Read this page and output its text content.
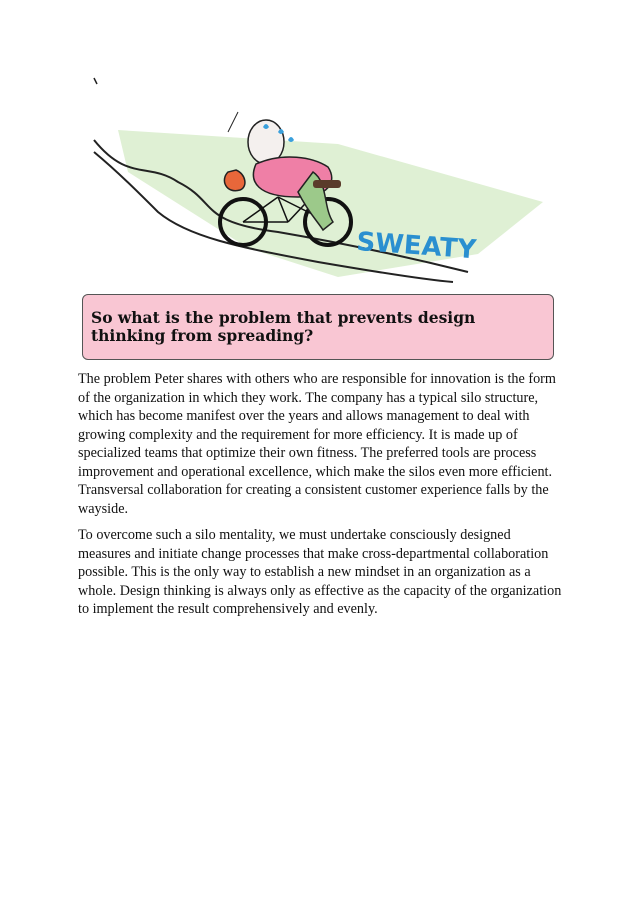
SWEATY
So what is the problem that prevents design thinking from spreading?

The problem Peter shares with others who are responsible for innovation is the form of the organization in which they work. The company has a typical silo structure, which has become manifest over the years and allows management to deal with growing complexity and the requirement for more efficiency. It is made up of specialized teams that optimize their own fitness. The preferred tools are process improvement and operational excellence, which make the silos even more efficient. Transversal collaboration for creating a consistent customer experience falls by the wayside.

To overcome such a silo mentality, we must undertake consciously designed measures and initiate change processes that make cross-departmental collaboration possible. This is the only way to establish a new mindset in an organization as a whole. Design thinking is always only as effective as the capacity of the organization to implement the result comprehensively and evenly.
